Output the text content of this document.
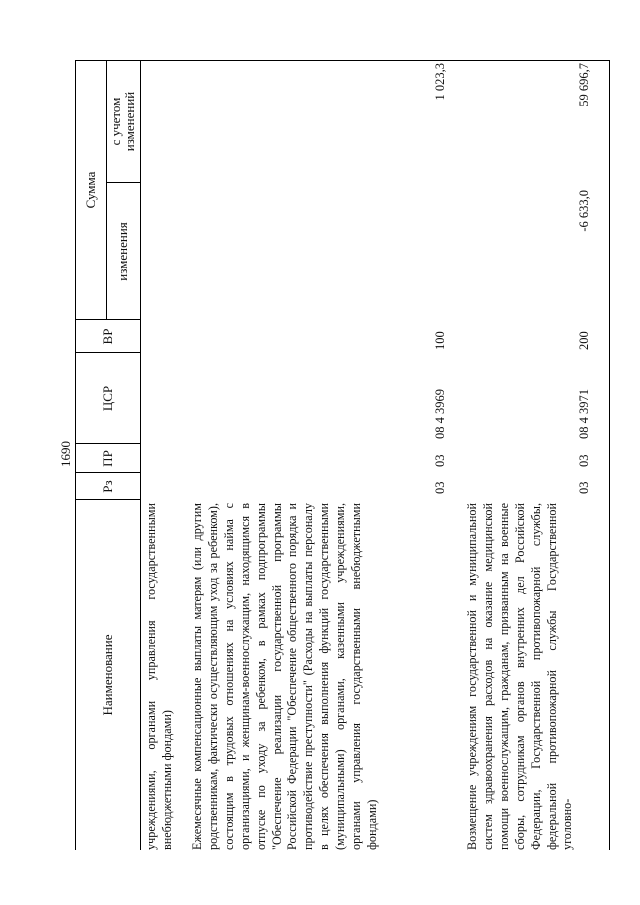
1690
Наименование
Рз
ПР
ЦСР
ВР
Сумма
изменения
с учетом изменений
учреждениями, органами управления государственными внебюджетными фондами) Ежемесячные компенсационные выплаты матерям (или другим родственникам, фактически осуществляющим уход за ребенком), состоящим в трудовых отношениях на условиях найма с организациями, и женщинам-военнослужащим, находящимся в отпуске по уходу за ребенком, в рамках подпрограммы "Обеспечение реализации государственной программы Российской Федерации "Обеспечение общественного порядка и противодействие преступности" (Расходы на выплаты персоналу в целях обеспечения выполнения функций государственными (муниципальными) органами, казенными учреждениями, органами управления государственными внебюджетными фондами)
03
03
08 4 3969
100
1 023,3
Возмещение учреждениям государственной и муниципальной систем здравоохранения расходов на оказание медицинской помощи военнослужащим, гражданам, призванным на военные сборы, сотрудникам органов внутренних дел Российской Федерации, Государственной противопожарной службы, федеральной противопожарной службы Государственной уголовно-
03
03
08 4 3971
200
-6 633,0
59 696,7
